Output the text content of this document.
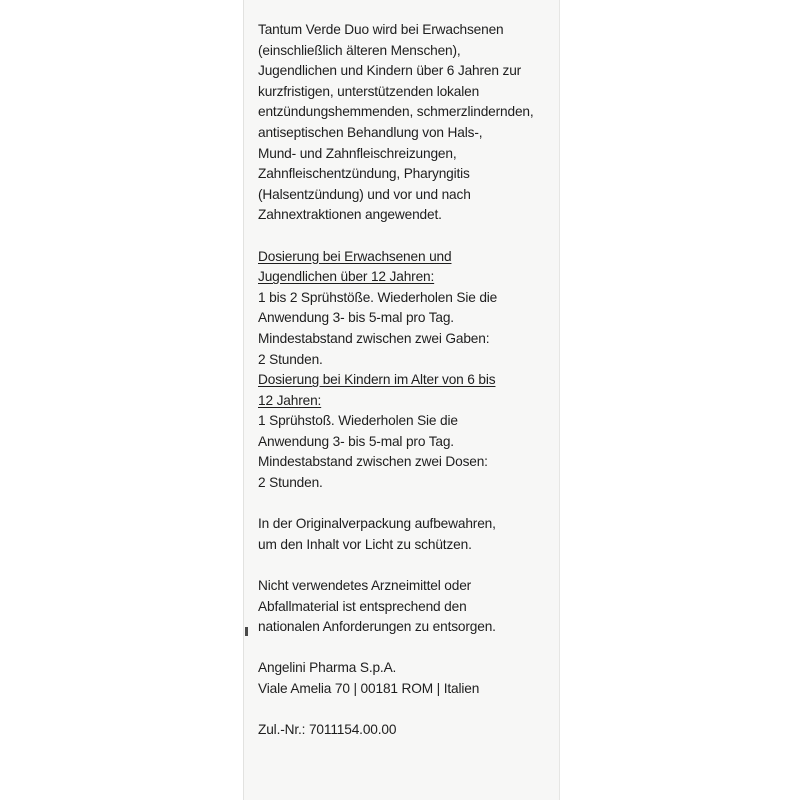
Tantum Verde Duo wird bei Erwachsenen
(einschließlich älteren Menschen),
Jugendlichen und Kindern über 6 Jahren zur
kurzfristigen, unterstützenden lokalen
entzündungshemmenden, schmerzlindernden,
antiseptischen Behandlung von Hals-,
Mund- und Zahnfleischreizungen,
Zahnfleischentzündung, Pharyngitis
(Halsentzündung) und vor und nach
Zahnextraktionen angewendet.

Dosierung bei Erwachsenen und
Jugendlichen über 12 Jahren:
1 bis 2 Sprühstöße. Wiederholen Sie die
Anwendung 3- bis 5-mal pro Tag.
Mindestabstand zwischen zwei Gaben:
2 Stunden.
Dosierung bei Kindern im Alter von 6 bis
12 Jahren:
1 Sprühstoß. Wiederholen Sie die
Anwendung 3- bis 5-mal pro Tag.
Mindestabstand zwischen zwei Dosen:
2 Stunden.

In der Originalverpackung aufbewahren,
um den Inhalt vor Licht zu schützen.

Nicht verwendetes Arzneimittel oder
Abfallmaterial ist entsprechend den
nationalen Anforderungen zu entsorgen.

Angelini Pharma S.p.A.
Viale Amelia 70 | 00181 ROM | Italien

Zul.-Nr.: 7011154.00.00
